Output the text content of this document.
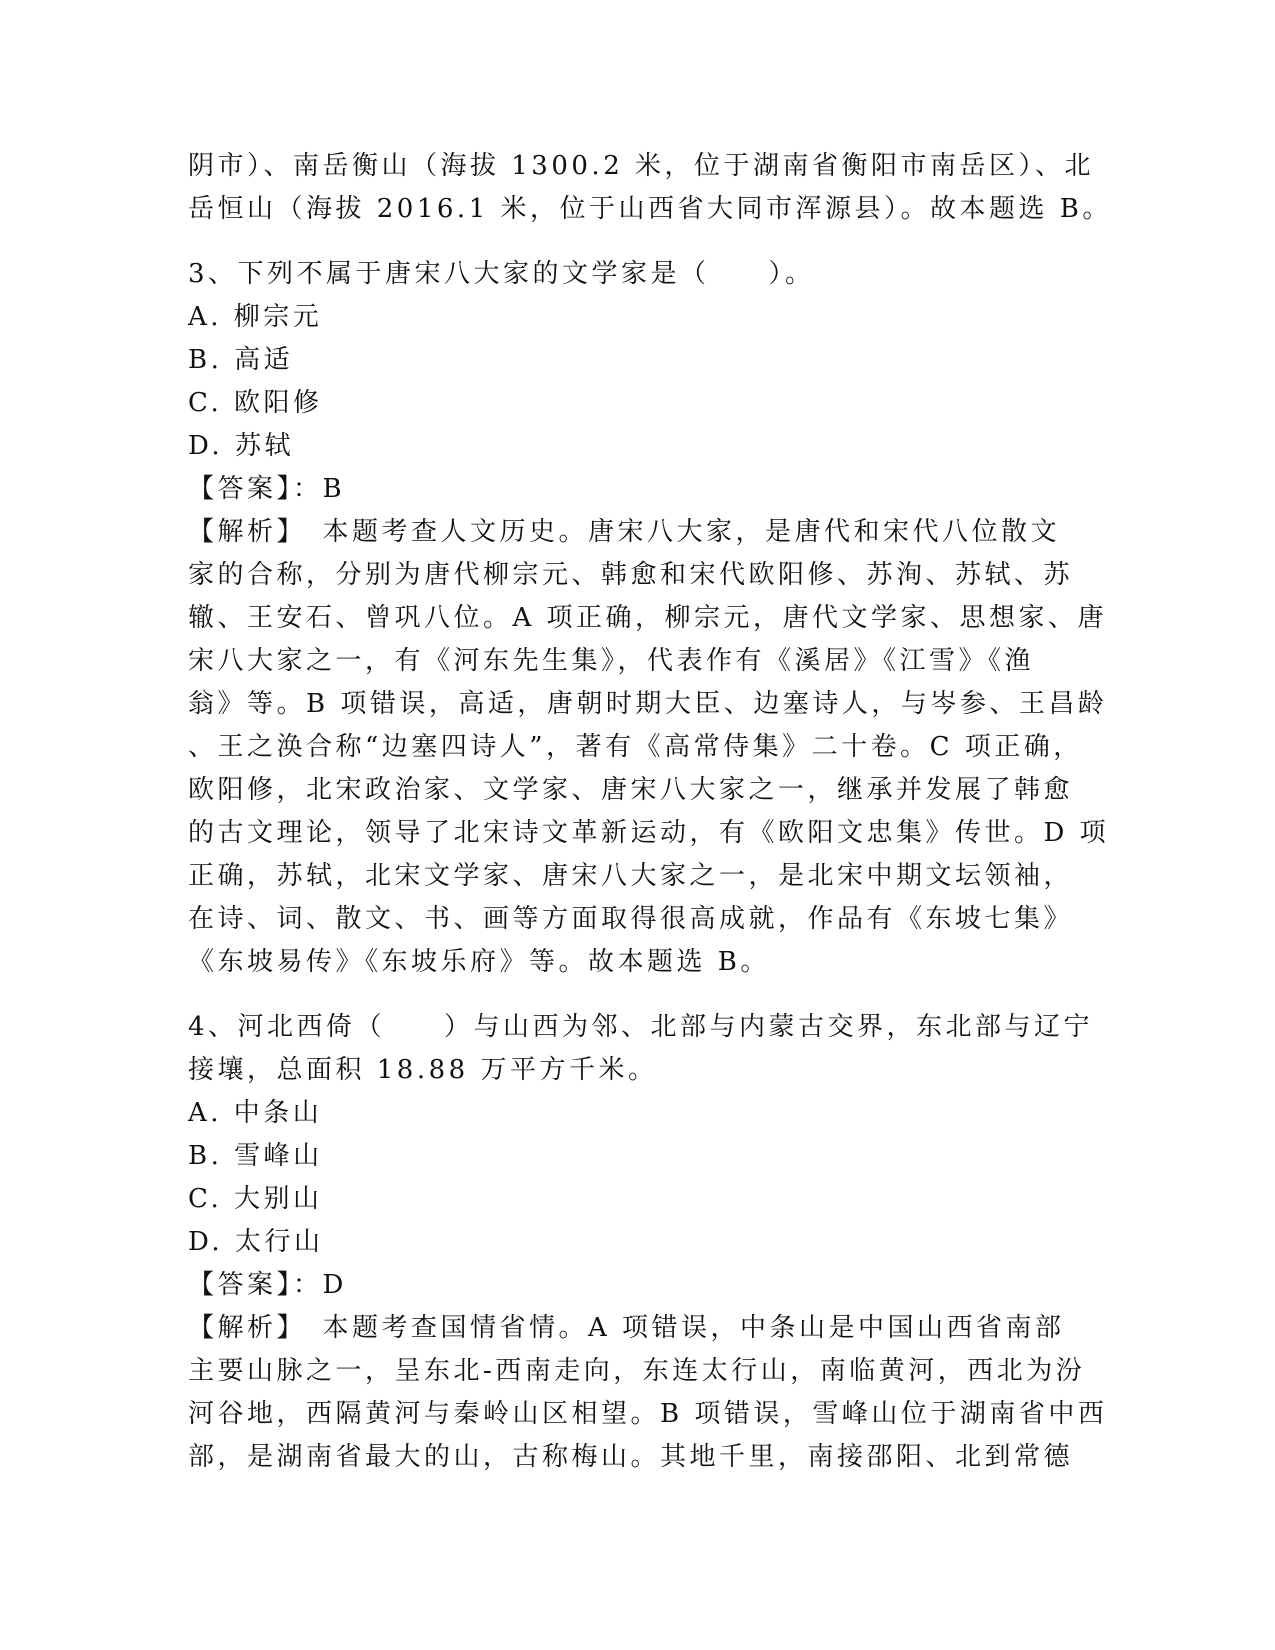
阴市）、南岳衡山（海拔 1300.2 米，位于湖南省衡阳市南岳区）、北
岳恒山（海拔 2016.1 米，位于山西省大同市浑源县）。故本题选 B。
3、下列不属于唐宋八大家的文学家是（　　）。
A. 柳宗元
B. 高适
C. 欧阳修
D. 苏轼
【答案】：B
【解析】　本题考查人文历史。唐宋八大家，是唐代和宋代八位散文
家的合称，分别为唐代柳宗元、韩愈和宋代欧阳修、苏洵、苏轼、苏
辙、王安石、曾巩八位。A 项正确，柳宗元，唐代文学家、思想家、唐
宋八大家之一，有《河东先生集》，代表作有《溪居》《江雪》《渔
翁》等。B 项错误，高适，唐朝时期大臣、边塞诗人，与岑参、王昌龄
、王之涣合称“边塞四诗人”，著有《高常侍集》二十卷。C 项正确，
欧阳修，北宋政治家、文学家、唐宋八大家之一，继承并发展了韩愈
的古文理论，领导了北宋诗文革新运动，有《欧阳文忠集》传世。D 项
正确，苏轼，北宋文学家、唐宋八大家之一，是北宋中期文坛领袖，
在诗、词、散文、书、画等方面取得很高成就，作品有《东坡七集》
《东坡易传》《东坡乐府》等。故本题选 B。
4、河北西倚（　　）与山西为邻、北部与内蒙古交界，东北部与辽宁
接壤，总面积 18.88 万平方千米。
A. 中条山
B. 雪峰山
C. 大别山
D. 太行山
【答案】：D
【解析】　本题考查国情省情。A 项错误，中条山是中国山西省南部
主要山脉之一，呈东北-西南走向，东连太行山，南临黄河，西北为汾
河谷地，西隔黄河与秦岭山区相望。B 项错误，雪峰山位于湖南省中西
部，是湖南省最大的山，古称梅山。其地千里，南接邵阳、北到常德
